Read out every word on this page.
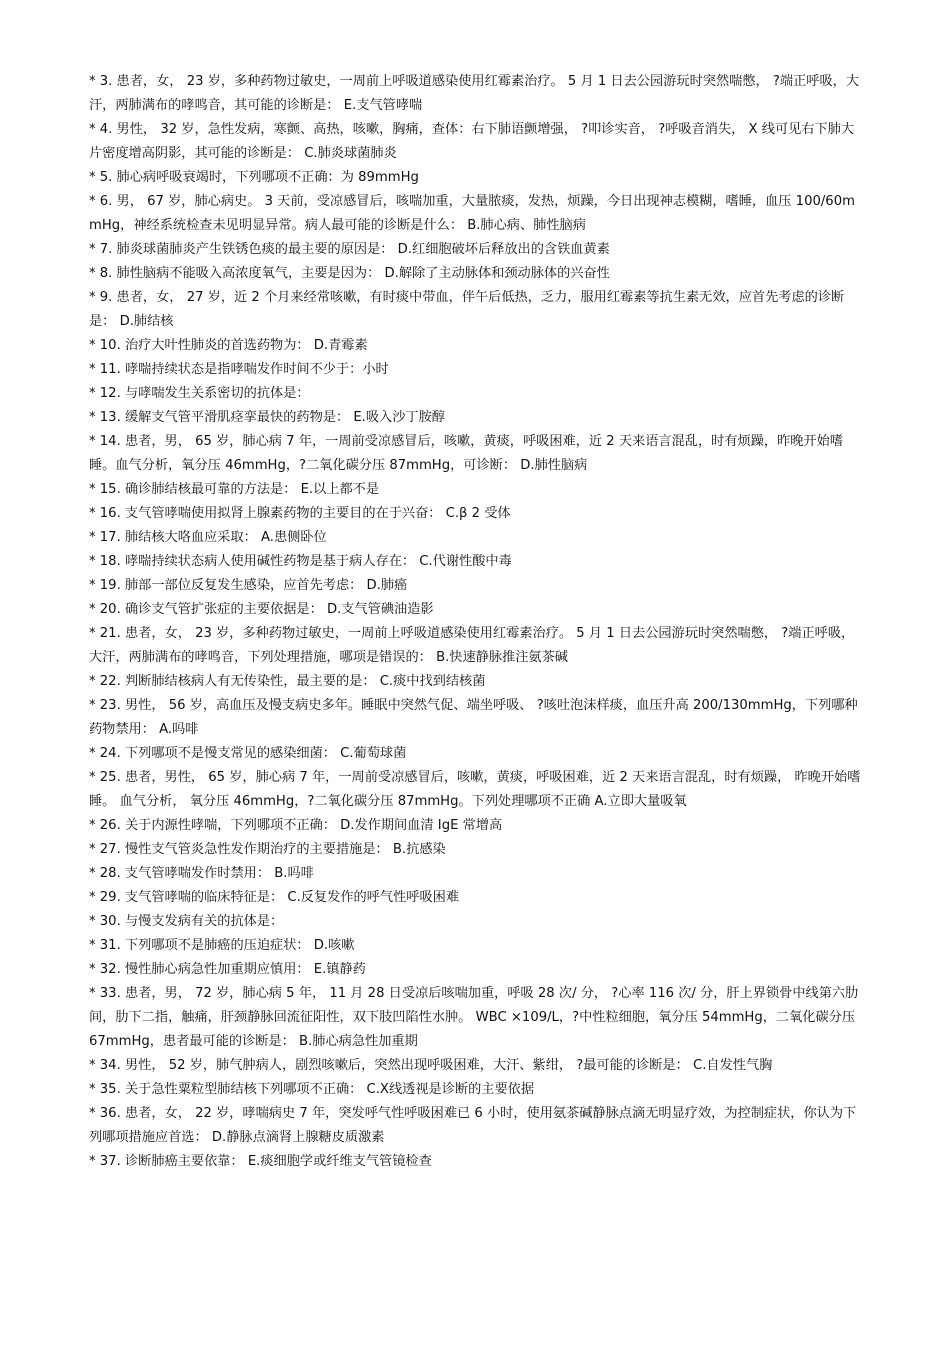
* 3. 患者，女， 23 岁，多种药物过敏史，一周前上呼吸道感染使用红霉素治疗。 5 月 1 日去公园游玩时突然喘憋， ?端正呼吸，大汗，两肺满布的哮鸣音，其可能的诊断是： E.支气管哮喘

* 4. 男性， 32 岁，急性发病，寒颤、高热，咳嗽，胸痛，查体：右下肺语颤增强， ?叩诊实音， ?呼吸音消失， X 线可见右下肺大片密度增高阴影，其可能的诊断是： C.肺炎球菌肺炎

* 5. 肺心病呼吸衰竭时，下列哪项不正确：为 89mmHg

* 6. 男， 67 岁，肺心病史。 3 天前，受凉感冒后，咳喘加重，大量脓痰，发热，烦躁，今日出现神志模糊，嗜睡，血压 100/60mmHg，神经系统检查未见明显异常。病人最可能的诊断是什么： B.肺心病、肺性脑病

* 7. 肺炎球菌肺炎产生铁锈色痰的最主要的原因是： D.红细胞破坏后释放出的含铁血黄素

* 8. 肺性脑病不能吸入高浓度氧气，主要是因为： D.解除了主动脉体和颈动脉体的兴奋性

* 9. 患者，女， 27 岁，近 2 个月来经常咳嗽，有时痰中带血，伴午后低热，乏力，服用红霉素等抗生素无效，应首先考虑的诊断是： D.肺结核

* 10. 治疗大叶性肺炎的首选药物为： D.青霉素

* 11. 哮喘持续状态是指哮喘发作时间不少于：小时

* 12. 与哮喘发生关系密切的抗体是：

* 13. 缓解支气管平滑肌痉挛最快的药物是： E.吸入沙丁胺醇

* 14. 患者，男， 65 岁，肺心病 7 年，一周前受凉感冒后，咳嗽，黄痰，呼吸困难，近 2 天来语言混乱，时有烦躁，昨晚开始嗜睡。血气分析，氧分压 46mmHg，?二氧化碳分压 87mmHg，可诊断： D.肺性脑病

* 15. 确诊肺结核最可靠的方法是： E.以上都不是

* 16. 支气管哮喘使用拟肾上腺素药物的主要目的在于兴奋： C.β 2 受体

* 17. 肺结核大咯血应采取： A.患侧卧位

* 18. 哮喘持续状态病人使用碱性药物是基于病人存在： C.代谢性酸中毒

* 19. 肺部一部位反复发生感染，应首先考虑： D.肺癌

* 20. 确诊支气管扩张症的主要依据是： D.支气管碘油造影

* 21. 患者，女， 23 岁，多种药物过敏史，一周前上呼吸道感染使用红霉素治疗。 5 月 1 日去公园游玩时突然喘憋， ?端正呼吸，大汗，两肺满布的哮鸣音，下列处理措施，哪项是错误的： B.快速静脉推注氨茶碱

* 22. 判断肺结核病人有无传染性，最主要的是： C.痰中找到结核菌

* 23. 男性， 56 岁，高血压及慢支病史多年。睡眠中突然气促、端坐呼吸、 ?咳吐泡沫样痰，血压升高 200/130mmHg，下列哪种药物禁用： A.吗啡

* 24. 下列哪项不是慢支常见的感染细菌： C.葡萄球菌

* 25. 患者，男性， 65 岁，肺心病 7 年，一周前受凉感冒后，咳嗽，黄痰，呼吸困难，近 2 天来语言混乱，时有烦躁， 昨晚开始嗜睡。 血气分析， 氧分压 46mmHg，?二氧化碳分压 87mmHg。下列处理哪项不正确 A.立即大量吸氧

* 26. 关于内源性哮喘，下列哪项不正确： D.发作期间血清 IgE 常增高

* 27. 慢性支气管炎急性发作期治疗的主要措施是： B.抗感染

* 28. 支气管哮喘发作时禁用： B.吗啡

* 29. 支气管哮喘的临床特征是： C.反复发作的呼气性呼吸困难

* 30. 与慢支发病有关的抗体是：

* 31. 下列哪项不是肺癌的压迫症状： D.咳嗽

* 32. 慢性肺心病急性加重期应慎用： E.镇静药

* 33. 患者，男， 72 岁，肺心病 5 年， 11 月 28 日受凉后咳喘加重，呼吸 28 次/ 分， ?心率 116 次/ 分，肝上界锁骨中线第六肋间，肋下二指，触痛，肝颈静脉回流征阳性，双下肢凹陷性水肿。 WBC ×109/L，?中性粒细胞，氧分压 54mmHg，二氧化碳分压 67mmHg，患者最可能的诊断是： B.肺心病急性加重期

* 34. 男性， 52 岁，肺气肿病人，剧烈咳嗽后，突然出现呼吸困难，大汗、紫绀， ?最可能的诊断是： C.自发性气胸

* 35. 关于急性粟粒型肺结核下列哪项不正确： C.X线透视是诊断的主要依据

* 36. 患者，女， 22 岁，哮喘病史 7 年，突发呼气性呼吸困难已 6 小时，使用氨茶碱静脉点滴无明显疗效，为控制症状，你认为下列哪项措施应首选： D.静脉点滴肾上腺糖皮质激素

* 37. 诊断肺癌主要依靠： E.痰细胞学或纤维支气管镜检查
